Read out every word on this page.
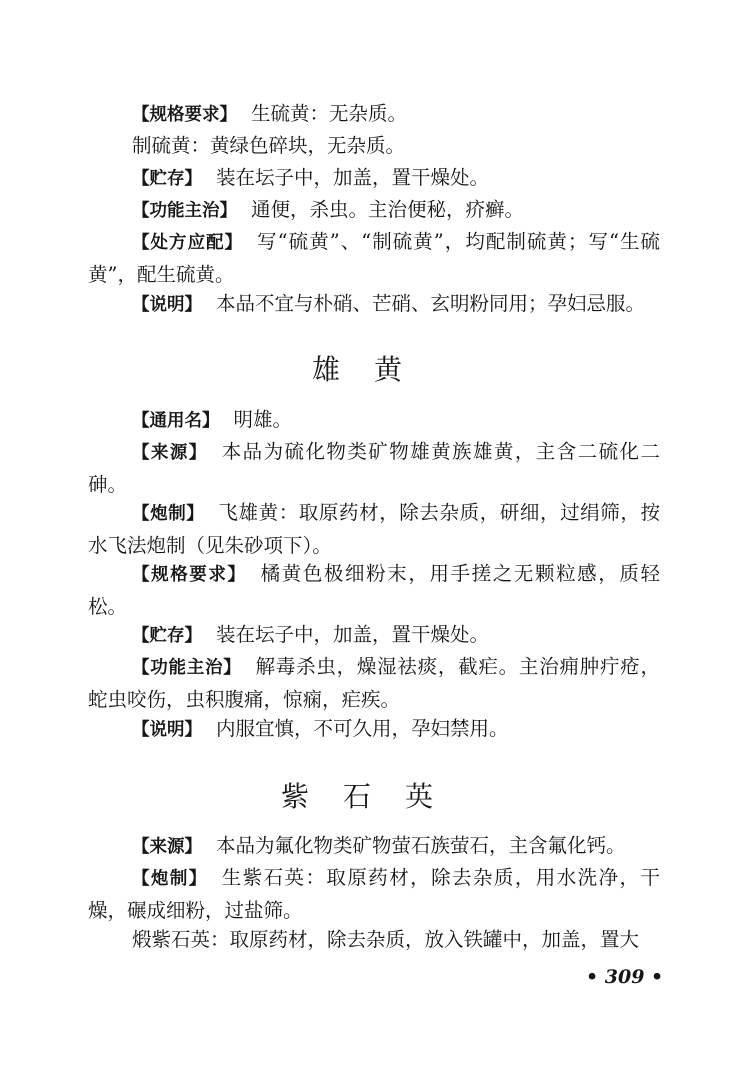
【规格要求】 生硫黄：无杂质。

制硫黄：黄绿色碎块，无杂质。

【贮存】 装在坛子中，加盖，置干燥处。

【功能主治】 通便，杀虫。主治便秘，疥癣。

【处方应配】 写“硫黄”、“制硫黄”，均配制硫黄；写“生硫黄”，配生硫黄。

【说明】 本品不宜与朴硝、芒硝、玄明粉同用；孕妇忌服。

雄黄

【通用名】 明雄。

【来源】 本品为硫化物类矿物雄黄族雄黄，主含二硫化二砷。

【炮制】 飞雄黄：取原药材，除去杂质，研细，过绢筛，按水飞法炮制（见朱砂项下）。

【规格要求】 橘黄色极细粉末，用手搓之无颗粒感，质轻松。

【贮存】 装在坛子中，加盖，置干燥处。

【功能主治】 解毒杀虫，燥湿祛痰，截疟。主治痈肿疔疮，蛇虫咬伤，虫积腹痛，惊痫，疟疾。

【说明】 内服宜慎，不可久用，孕妇禁用。

紫石英

【来源】 本品为氟化物类矿物萤石族萤石，主含氟化钙。

【炮制】 生紫石英：取原药材，除去杂质，用水洗净，干燥，碾成细粉，过盐筛。

煅紫石英：取原药材，除去杂质，放入铁罐中，加盖，置大

• 309 •
